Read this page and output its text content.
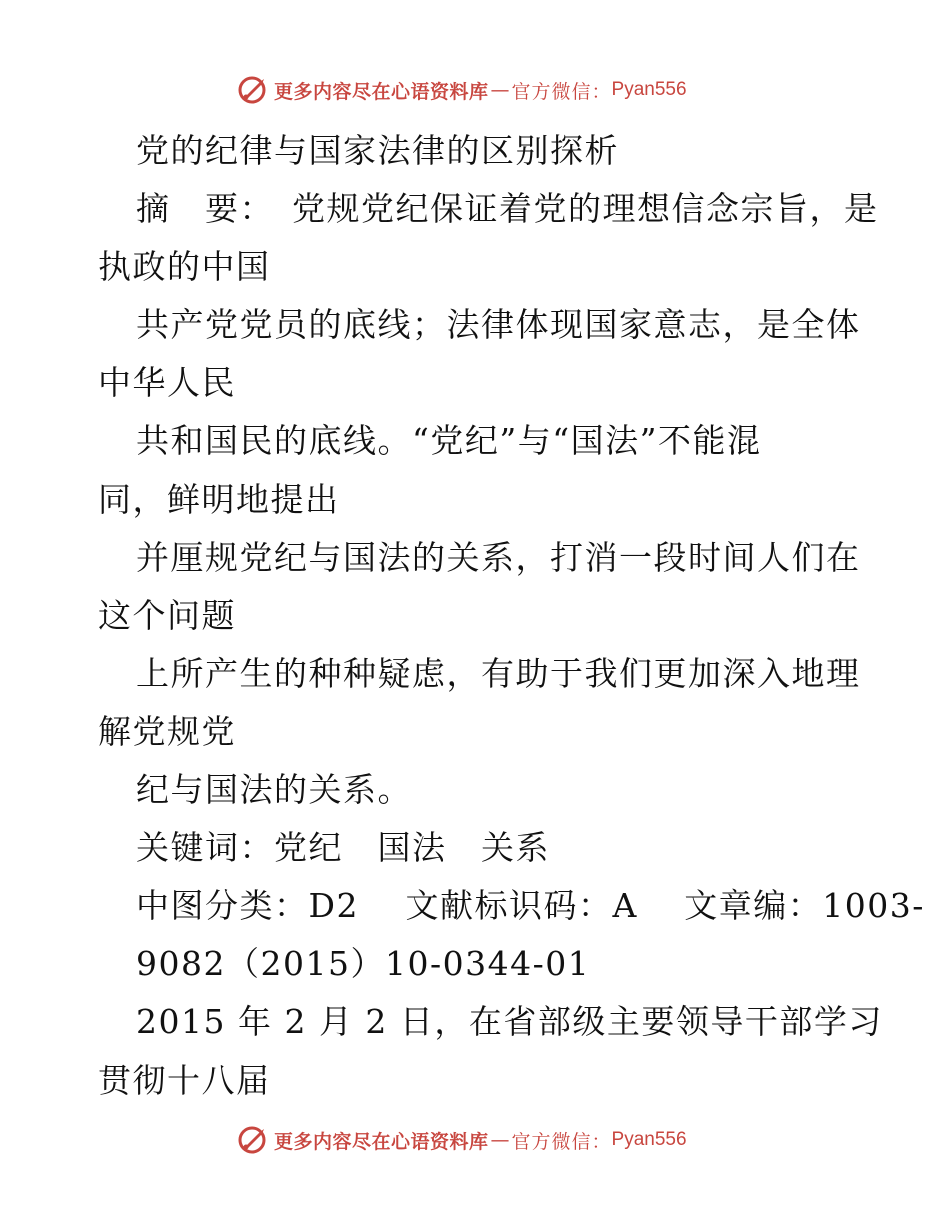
更多内容尽在心语资料库 — 官方微信： Pyan556
党的纪律与国家法律的区别探析
摘　要：　党规党纪保证着党的理想信念宗旨，是
执政的中国
共产党党员的底线；法律体现国家意志，是全体
中华人民
共和国民的底线。“党纪”与“国法”不能混
同，鲜明地提出
并厘规党纪与国法的关系，打消一段时间人们在
这个问题
上所产生的种种疑虑，有助于我们更加深入地理
解党规党
纪与国法的关系。
关键词：党纪　国法　关系
中图分类：D2　 文献标识码：A　 文章编：1003-
9082（2015）10-0344-01
2015 年 2 月 2 日，在省部级主要领导干部学习
贯彻十八届
更多内容尽在心语资料库 — 官方微信： Pyan556
